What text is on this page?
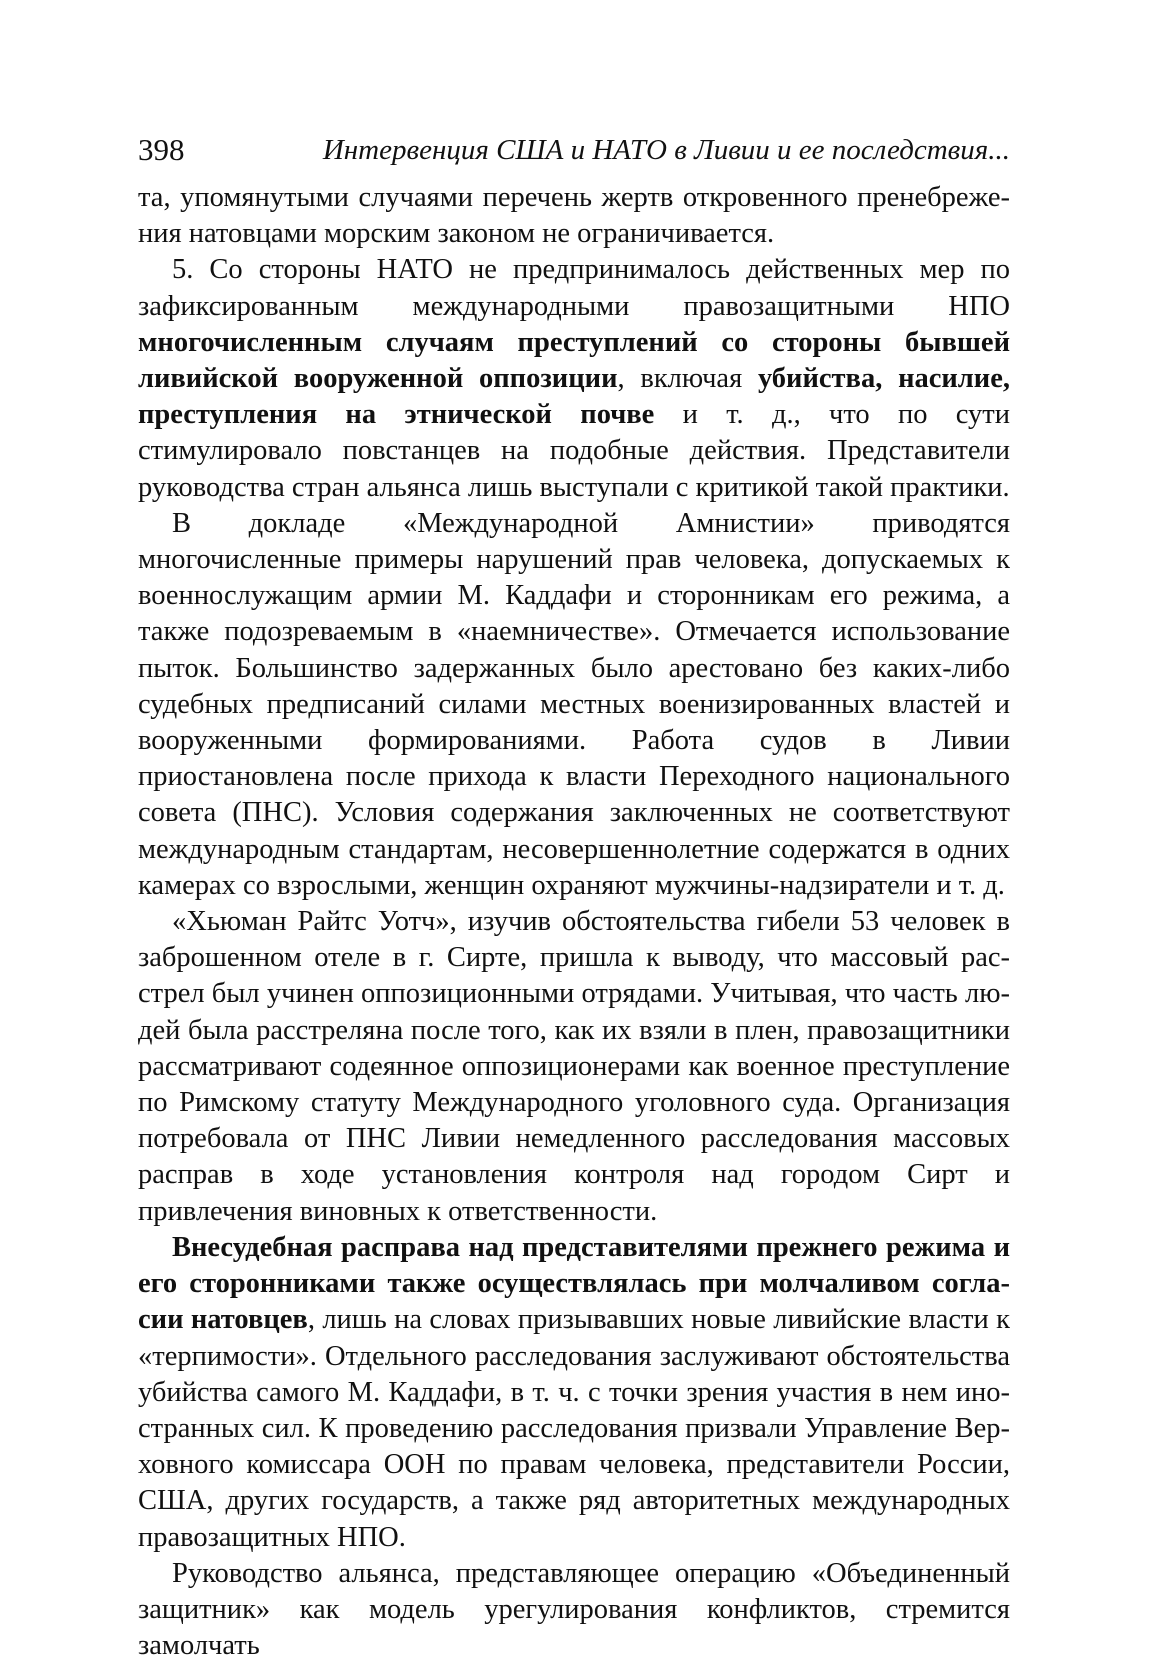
398	Интервенция США и НАТО в Ливии и ее последствия...

та, упомянутыми случаями перечень жертв откровенного пренебрежения натовцами морским законом не ограничивается.

5. Со стороны НАТО не предпринималось действенных мер по зафиксированным международными правозащитными НПО многочисленным случаям преступлений со стороны бывшей ливийской вооруженной оппозиции, включая убийства, насилие, преступления на этнической почве и т. д., что по сути стимулировало повстанцев на подобные действия. Представители руководства стран альянса лишь выступали с критикой такой практики.

В докладе «Международной Амнистии» приводятся многочисленные примеры нарушений прав человека, допускаемых к военнослужащим армии М. Каддафи и сторонникам его режима, а также подозреваемым в «наемничестве». Отмечается использование пыток. Большинство задержанных было арестовано без каких-либо судебных предписаний силами местных военизированных властей и вооруженными формированиями. Работа судов в Ливии приостановлена после прихода к власти Переходного национального совета (ПНС). Условия содержания заключенных не соответствуют международным стандартам, несовершеннолетние содержатся в одних камерах со взрослыми, женщин охраняют мужчины-надзиратели и т. д.

«Хьюман Райтс Уотч», изучив обстоятельства гибели 53 человек в заброшенном отеле в г. Сирте, пришла к выводу, что массовый расстрел был учинен оппозиционными отрядами. Учитывая, что часть людей была расстреляна после того, как их взяли в плен, правозащитники рассматривают содеянное оппозиционерами как военное преступление по Римскому статуту Международного уголовного суда. Организация потребовала от ПНС Ливии немедленного расследования массовых расправ в ходе установления контроля над городом Сирт и привлечения виновных к ответственности.

Внесудебная расправа над представителями прежнего режима и его сторонниками также осуществлялась при молчаливом согласии натовцев, лишь на словах призывавших новые ливийские власти к «терпимости». Отдельного расследования заслуживают обстоятельства убийства самого М. Каддафи, в т. ч. с точки зрения участия в нем иностранных сил. К проведению расследования призвали Управление Верховного комиссара ООН по правам человека, представители России, США, других государств, а также ряд авторитетных международных правозащитных НПО.

Руководство альянса, представляющее операцию «Объединенный защитник» как модель урегулирования конфликтов, стремится замолчать
